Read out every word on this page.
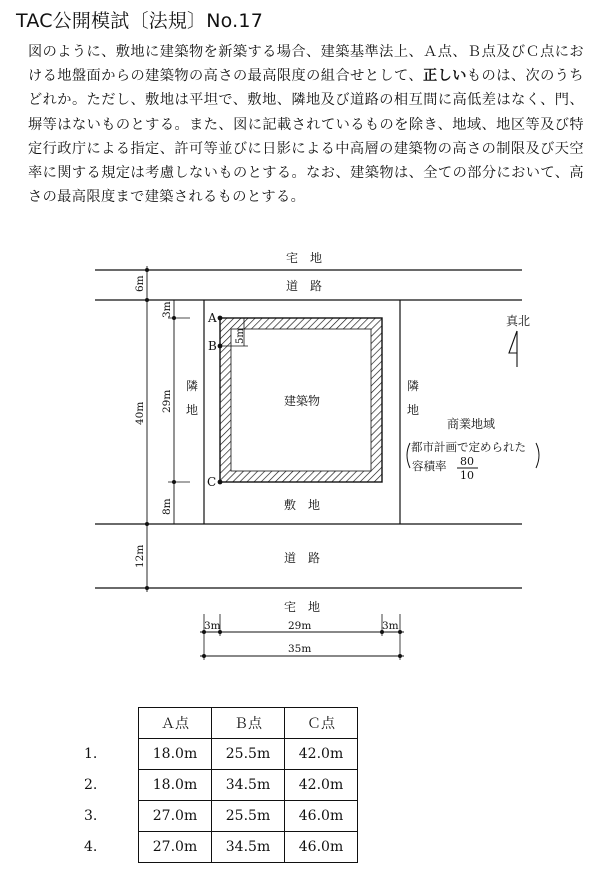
TAC公開模試〔法規〕No.17
図のように、敷地に建築物を新築する場合、建築基準法上、Ａ点、Ｂ点及びＣ点における地盤面からの建築物の高さの最高限度の組合せとして、正しいものは、次のうちどれか。ただし、敷地は平坦で、敷地、隣地及び道路の相互間に高低差はなく、門、塀等はないものとする。また、図に記載されているものを除き、地域、地区等及び特定行政庁による指定、許可等並びに日影による中高層の建築物の高さの制限及び天空率に関する規定は考慮しないものとする。なお、建築物は、全ての部分において、高さの最高限度まで建築されるものとする。
A
B
C
5m
宅　地
道　路
建築物
敷　地
道　路
宅　地
隣
地
隣
地
商業地域
都市計画で定められた
容積率 80
10
真北
6m
40m
12m
3m
29m
8m
3m	29m	3m
35m
	Ａ点	Ｂ点	Ｃ点
1.	18.0m	25.5m	42.0m
2.	18.0m	34.5m	42.0m
3.	27.0m	25.5m	46.0m
4.	27.0m	34.5m	46.0m
